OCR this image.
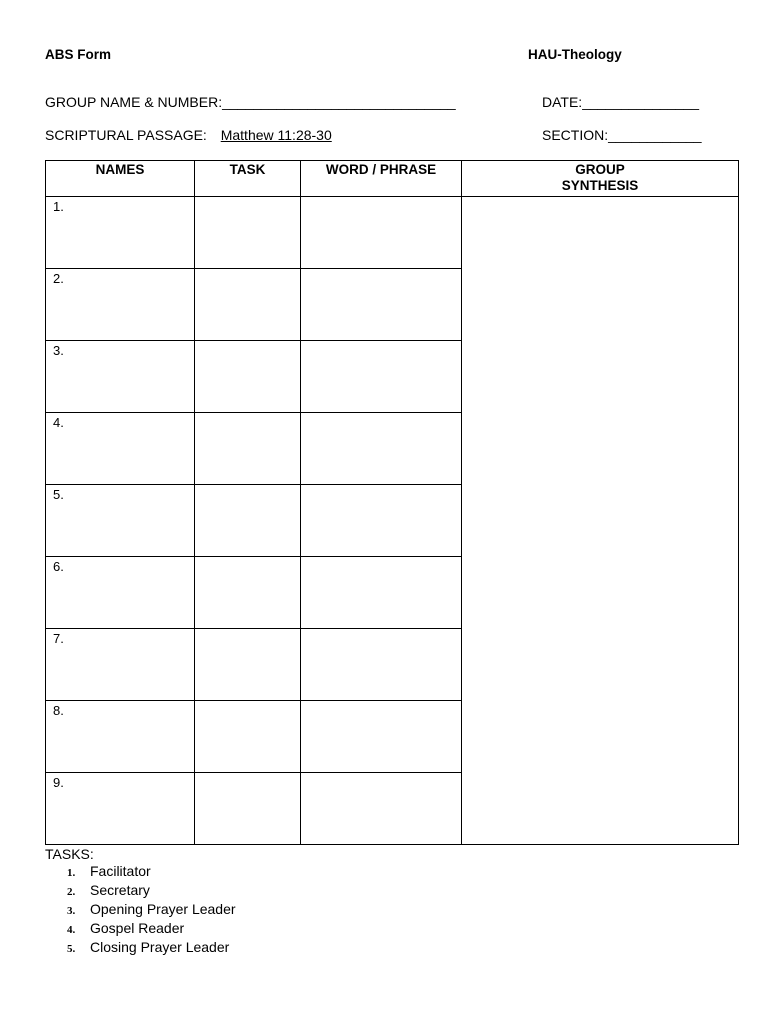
ABS Form	HAU-Theology
GROUP NAME & NUMBER:______________________________	DATE:_______________
SCRIPTURAL PASSAGE: Matthew 11:28-30	SECTION:____________
NAMES	TASK	WORD / PHRASE	GROUP
SYNTHESIS

1.			

2.			

3.			

4.			

5.			

6.			

7.			

8.			

9.			

TASKS:
1. Facilitator
2. Secretary
3. Opening Prayer Leader
4. Gospel Reader
5. Closing Prayer Leader
